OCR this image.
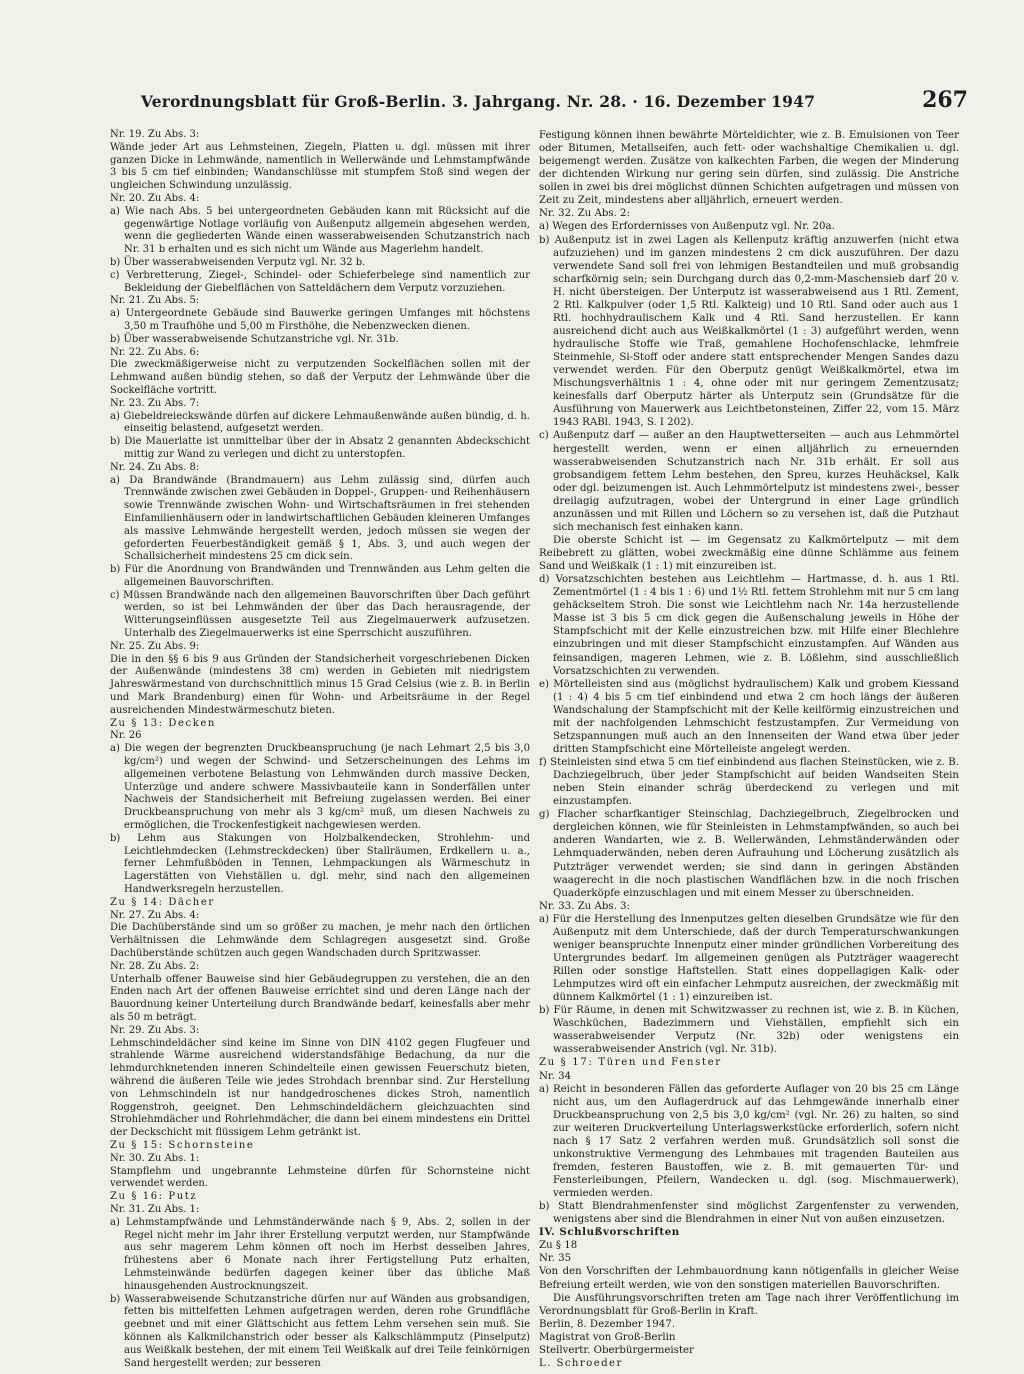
Verordnungsblatt für Groß-Berlin. 3. Jahrgang. Nr. 28. · 16. Dezember 1947	267

Nr. 19. Zu Abs. 3:

Wände jeder Art aus Lehmsteinen, Ziegeln, Platten u. dgl. müssen mit ihrer ganzen Dicke in Lehmwände, namentlich in Wellerwände und Lehmstampfwände 3 bis 5 cm tief einbinden; Wandanschlüsse mit stumpfem Stoß sind wegen der ungleichen Schwindung unzulässig.

Nr. 20. Zu Abs. 4:

a) Wie nach Abs. 5 bei untergeordneten Gebäuden kann mit Rücksicht auf die gegenwärtige Notlage vorläufig von Außenputz allgemein abgesehen werden, wenn die gegliederten Wände einen wasserabweisenden Schutzanstrich nach Nr. 31 b erhalten und es sich nicht um Wände aus Magerlehm handelt.

b) Über wasserabweisenden Verputz vgl. Nr. 32 b.

c) Verbretterung, Ziegel-, Schindel- oder Schieferbelege sind namentlich zur Bekleidung der Giebelflächen von Satteldächern dem Verputz vorzuziehen.

Nr. 21. Zu Abs. 5:

a) Untergeordnete Gebäude sind Bauwerke geringen Umfanges mit höchstens 3,50 m Traufhöhe und 5,00 m Firsthöhe, die Nebenzwecken dienen.

b) Über wasserabweisende Schutzanstriche vgl. Nr. 31b.

Nr. 22. Zu Abs. 6:

Die zweckmäßigerweise nicht zu verputzenden Sockelflächen sollen mit der Lehmwand außen bündig stehen, so daß der Verputz der Lehmwände über die Sockelfläche vortritt.

Nr. 23. Zu Abs. 7:

a) Giebeldreieckswände dürfen auf dickere Lehmaußenwände außen bündig, d. h. einseitig belastend, aufgesetzt werden.

b) Die Mauerlatte ist unmittelbar über der in Absatz 2 genannten Abdeckschicht mittig zur Wand zu verlegen und dicht zu unterstopfen.

Nr. 24. Zu Abs. 8:

a) Da Brandwände (Brandmauern) aus Lehm zulässig sind, dürfen auch Trennwände zwischen zwei Gebäuden in Doppel-, Gruppen- und Reihenhäusern sowie Trennwände zwischen Wohn- und Wirtschaftsräumen in frei stehenden Einfamilienhäusern oder in landwirtschaftlichen Gebäuden kleineren Umfanges als massive Lehmwände hergestellt werden, jedoch müssen sie wegen der geforderten Feuerbeständigkeit gemäß § 1, Abs. 3, und auch wegen der Schallsicherheit mindestens 25 cm dick sein.

b) Für die Anordnung von Brandwänden und Trennwänden aus Lehm gelten die allgemeinen Bauvorschriften.

c) Müssen Brandwände nach den allgemeinen Bauvorschriften über Dach geführt werden, so ist bei Lehmwänden der über das Dach herausragende, der Witterungseinflüssen ausgesetzte Teil aus Ziegelmauerwerk aufzusetzen. Unterhalb des Ziegelmauerwerks ist eine Sperrschicht auszuführen.

Nr. 25. Zu Abs. 9:

Die in den §§ 6 bis 9 aus Gründen der Standsicherheit vorgeschriebenen Dicken der Außenwände (mindestens 38 cm) werden in Gebieten mit niedrigstem Jahreswärmestand von durchschnittlich minus 15 Grad Celsius (wie z. B. in Berlin und Mark Brandenburg) einen für Wohn- und Arbeitsräume in der Regel ausreichenden Mindestwärmeschutz bieten.

Zu § 13: Decken

Nr. 26

a) Die wegen der begrenzten Druckbeanspruchung (je nach Lehmart 2,5 bis 3,0 kg/cm²) und wegen der Schwind- und Setzerscheinungen des Lehms im allgemeinen verbotene Belastung von Lehmwänden durch massive Decken, Unterzüge und andere schwere Massivbauteile kann in Sonderfällen unter Nachweis der Standsicherheit mit Befreiung zugelassen werden. Bei einer Druckbeanspruchung von mehr als 3 kg/cm² muß, um diesen Nachweis zu ermöglichen, die Trockenfestigkeit nachgewiesen werden.

b) Lehm aus Stakungen von Holzbalkendecken, Strohlehm- und Leichtlehmdecken (Lehmstreckdecken) über Stallräumen, Erdkellern u. a., ferner Lehmfußböden in Tennen, Lehmpackungen als Wärmeschutz in Lagerstätten von Viehställen u. dgl. mehr, sind nach den allgemeinen Handwerksregeln herzustellen.

Zu § 14: Dächer

Nr. 27. Zu Abs. 4:

Die Dachüberstände sind um so größer zu machen, je mehr nach den örtlichen Verhältnissen die Lehmwände dem Schlagregen ausgesetzt sind. Große Dachüberstände schützen auch gegen Wandschaden durch Spritzwasser.

Nr. 28. Zu Abs. 2:

Unterhalb offener Bauweise sind hier Gebäudegruppen zu verstehen, die an den Enden nach Art der offenen Bauweise errichtet sind und deren Länge nach der Bauordnung keiner Unterteilung durch Brandwände bedarf, keinesfalls aber mehr als 50 m beträgt.

Nr. 29. Zu Abs. 3:

Lehmschindeldächer sind keine im Sinne von DIN 4102 gegen Flugfeuer und strahlende Wärme ausreichend widerstandsfähige Bedachung, da nur die lehmdurchknetenden inneren Schindelteile einen gewissen Feuerschutz bieten, während die äußeren Teile wie jedes Strohdach brennbar sind. Zur Herstellung von Lehmschindeln ist nur handgedroschenes dickes Stroh, namentlich Roggenstroh, geeignet. Den Lehmschindeldächern gleichzuachten sind Strohlehmdächer und Rohrlehmdächer, die dann bei einem mindestens ein Drittel der Deckschicht mit flüssigem Lehm getränkt ist.

Zu § 15: Schornsteine

Nr. 30. Zu Abs. 1:

Stampflehm und ungebrannte Lehmsteine dürfen für Schornsteine nicht verwendet werden.

Zu § 16: Putz

Nr. 31. Zu Abs. 1:

a) Lehmstampfwände und Lehmständerwände nach § 9, Abs. 2, sollen in der Regel nicht mehr im Jahr ihrer Erstellung verputzt werden, nur Stampfwände aus sehr magerem Lehm können oft noch im Herbst desselben Jahres, frühestens aber 6 Monate nach ihrer Fertigstellung Putz erhalten, Lehmsteinwände bedürfen dagegen keiner über das übliche Maß hinausgehenden Austrocknungszeit.

b) Wasserabweisende Schutzanstriche dürfen nur auf Wänden aus grobsandigen, fetten bis mittelfetten Lehmen aufgetragen werden, deren rohe Grundfläche geebnet und mit einer Glättschicht aus fettem Lehm versehen sein muß. Sie können als Kalkmilchanstrich oder besser als Kalkschlämmputz (Pinselputz) aus Weißkalk bestehen, der mit einem Teil Weißkalk auf drei Teile feinkörnigen Sand hergestellt werden; zur besseren

Festigung können ihnen bewährte Mörteldichter, wie z. B. Emulsionen von Teer oder Bitumen, Metallseifen, auch fett- oder wachshaltige Chemikalien u. dgl. beigemengt werden. Zusätze von kalkechten Farben, die wegen der Minderung der dichtenden Wirkung nur gering sein dürfen, sind zulässig. Die Anstriche sollen in zwei bis drei möglichst dünnen Schichten aufgetragen und müssen von Zeit zu Zeit, mindestens aber alljährlich, erneuert werden.

Nr. 32. Zu Abs. 2:

a) Wegen des Erfordernisses von Außenputz vgl. Nr. 20a.

b) Außenputz ist in zwei Lagen als Kellenputz kräftig anzuwerfen (nicht etwa aufzuziehen) und im ganzen mindestens 2 cm dick auszuführen. Der dazu verwendete Sand soll frei von lehmigen Bestandteilen und muß grobsandig scharfkörnig sein; sein Durchgang durch das 0,2-mm-Maschensieb darf 20 v. H. nicht übersteigen. Der Unterputz ist wasserabweisend aus 1 Rtl. Zement, 2 Rtl. Kalkpulver (oder 1,5 Rtl. Kalkteig) und 10 Rtl. Sand oder auch aus 1 Rtl. hochhydraulischem Kalk und 4 Rtl. Sand herzustellen. Er kann ausreichend dicht auch aus Weißkalkmörtel (1 : 3) aufgeführt werden, wenn hydraulische Stoffe wie Traß, gemahlene Hochofenschlacke, lehmfreie Steinmehle, Si-Stoff oder andere statt entsprechender Mengen Sandes dazu verwendet werden. Für den Oberputz genügt Weißkalkmörtel, etwa im Mischungsverhältnis 1 : 4, ohne oder mit nur geringem Zementzusatz; keinesfalls darf Oberputz härter als Unterputz sein (Grundsätze für die Ausführung von Mauerwerk aus Leichtbetonsteinen, Ziffer 22, vom 15. März 1943 RABl. 1943, S. I 202).

c) Außenputz darf — außer an den Hauptwetterseiten — auch aus Lehmmörtel hergestellt werden, wenn er einen alljährlich zu erneuernden wasserabweisenden Schutzanstrich nach Nr. 31b erhält. Er soll aus grobsandigem fettem Lehm bestehen, den Spreu, kurzes Heuhäcksel, Kalk oder dgl. beizumengen ist. Auch Lehmmörtelputz ist mindestens zwei-, besser dreilagig aufzutragen, wobei der Untergrund in einer Lage gründlich anzunässen und mit Rillen und Löchern so zu versehen ist, daß die Putzhaut sich mechanisch fest einhaken kann.

Die oberste Schicht ist — im Gegensatz zu Kalkmörtelputz — mit dem Reibebrett zu glätten, wobei zweckmäßig eine dünne Schlämme aus feinem Sand und Weißkalk (1 : 1) mit einzureiben ist.

d) Vorsatzschichten bestehen aus Leichtlehm — Hartmasse, d. h. aus 1 Rtl. Zementmörtel (1 : 4 bis 1 : 6) und 1½ Rtl. fettem Strohlehm mit nur 5 cm lang gehäckseltem Stroh. Die sonst wie Leichtlehm nach Nr. 14a herzustellende Masse ist 3 bis 5 cm dick gegen die Außenschalung jeweils in Höhe der Stampfschicht mit der Kelle einzustreichen bzw. mit Hilfe einer Blechlehre einzubringen und mit dieser Stampfschicht einzustampfen. Auf Wänden aus feinsandigen, mageren Lehmen, wie z. B. Lößlehm, sind ausschließlich Vorsatzschichten zu verwenden.

e) Mörtelleisten sind aus (möglichst hydraulischem) Kalk und grobem Kiessand (1 : 4) 4 bis 5 cm tief einbindend und etwa 2 cm hoch längs der äußeren Wandschalung der Stampfschicht mit der Kelle keilförmig einzustreichen und mit der nachfolgenden Lehmschicht festzustampfen. Zur Vermeidung von Setzspannungen muß auch an den Innenseiten der Wand etwa über jeder dritten Stampfschicht eine Mörtelleiste angelegt werden.

f) Steinleisten sind etwa 5 cm tief einbindend aus flachen Steinstücken, wie z. B. Dachziegelbruch, über jeder Stampfschicht auf beiden Wandseiten Stein neben Stein einander schräg überdeckend zu verlegen und mit einzustampfen.

g) Flacher scharfkantiger Steinschlag, Dachziegelbruch, Ziegelbrocken und dergleichen können, wie für Steinleisten in Lehmstampfwänden, so auch bei anderen Wandarten, wie z. B. Wellerwänden, Lehmständerwänden oder Lehmquaderwänden, neben deren Aufrauhung und Löcherung zusätzlich als Putzträger verwendet werden; sie sind dann in geringen Abständen waagerecht in die noch plastischen Wandflächen bzw. in die noch frischen Quaderköpfe einzuschlagen und mit einem Messer zu überschneiden.

Nr. 33. Zu Abs. 3:

a) Für die Herstellung des Innenputzes gelten dieselben Grundsätze wie für den Außenputz mit dem Unterschiede, daß der durch Temperaturschwankungen weniger beanspruchte Innenputz einer minder gründlichen Vorbereitung des Untergrundes bedarf. Im allgemeinen genügen als Putzträger waagerecht Rillen oder sonstige Haftstellen. Statt eines doppellagigen Kalk- oder Lehmputzes wird oft ein einfacher Lehmputz ausreichen, der zweckmäßig mit dünnem Kalkmörtel (1 : 1) einzureiben ist.

b) Für Räume, in denen mit Schwitzwasser zu rechnen ist, wie z. B. in Küchen, Waschküchen, Badezimmern und Viehställen, empfiehlt sich ein wasserabweisender Verputz (Nr. 32b) oder wenigstens ein wasserabweisender Anstrich (vgl. Nr. 31b).

Zu § 17: Türen und Fenster

Nr. 34

a) Reicht in besonderen Fällen das geforderte Auflager von 20 bis 25 cm Länge nicht aus, um den Auflagerdruck auf das Lehmgewände innerhalb einer Druckbeanspruchung von 2,5 bis 3,0 kg/cm² (vgl. Nr. 26) zu halten, so sind zur weiteren Druckverteilung Unterlagswerkstücke erforderlich, sofern nicht nach § 17 Satz 2 verfahren werden muß. Grundsätzlich soll sonst die unkonstruktive Vermengung des Lehmbaues mit tragenden Bauteilen aus fremden, festeren Baustoffen, wie z. B. mit gemauerten Tür- und Fensterleibungen, Pfeilern, Wandecken u. dgl. (sog. Mischmauerwerk), vermieden werden.

b) Statt Blendrahmenfenster sind möglichst Zargenfenster zu verwenden, wenigstens aber sind die Blendrahmen in einer Nut von außen einzusetzen.

IV. Schlußvorschriften

Zu § 18

Nr. 35

Von den Vorschriften der Lehmbauordnung kann nötigenfalls in gleicher Weise Befreiung erteilt werden, wie von den sonstigen materiellen Bauvorschriften.

Die Ausführungsvorschriften treten am Tage nach ihrer Veröffentlichung im Verordnungsblatt für Groß-Berlin in Kraft.

Berlin, 8. Dezember 1947.

Magistrat von Groß-Berlin

Stellvertr. Oberbürgermeister

L. Schroeder
